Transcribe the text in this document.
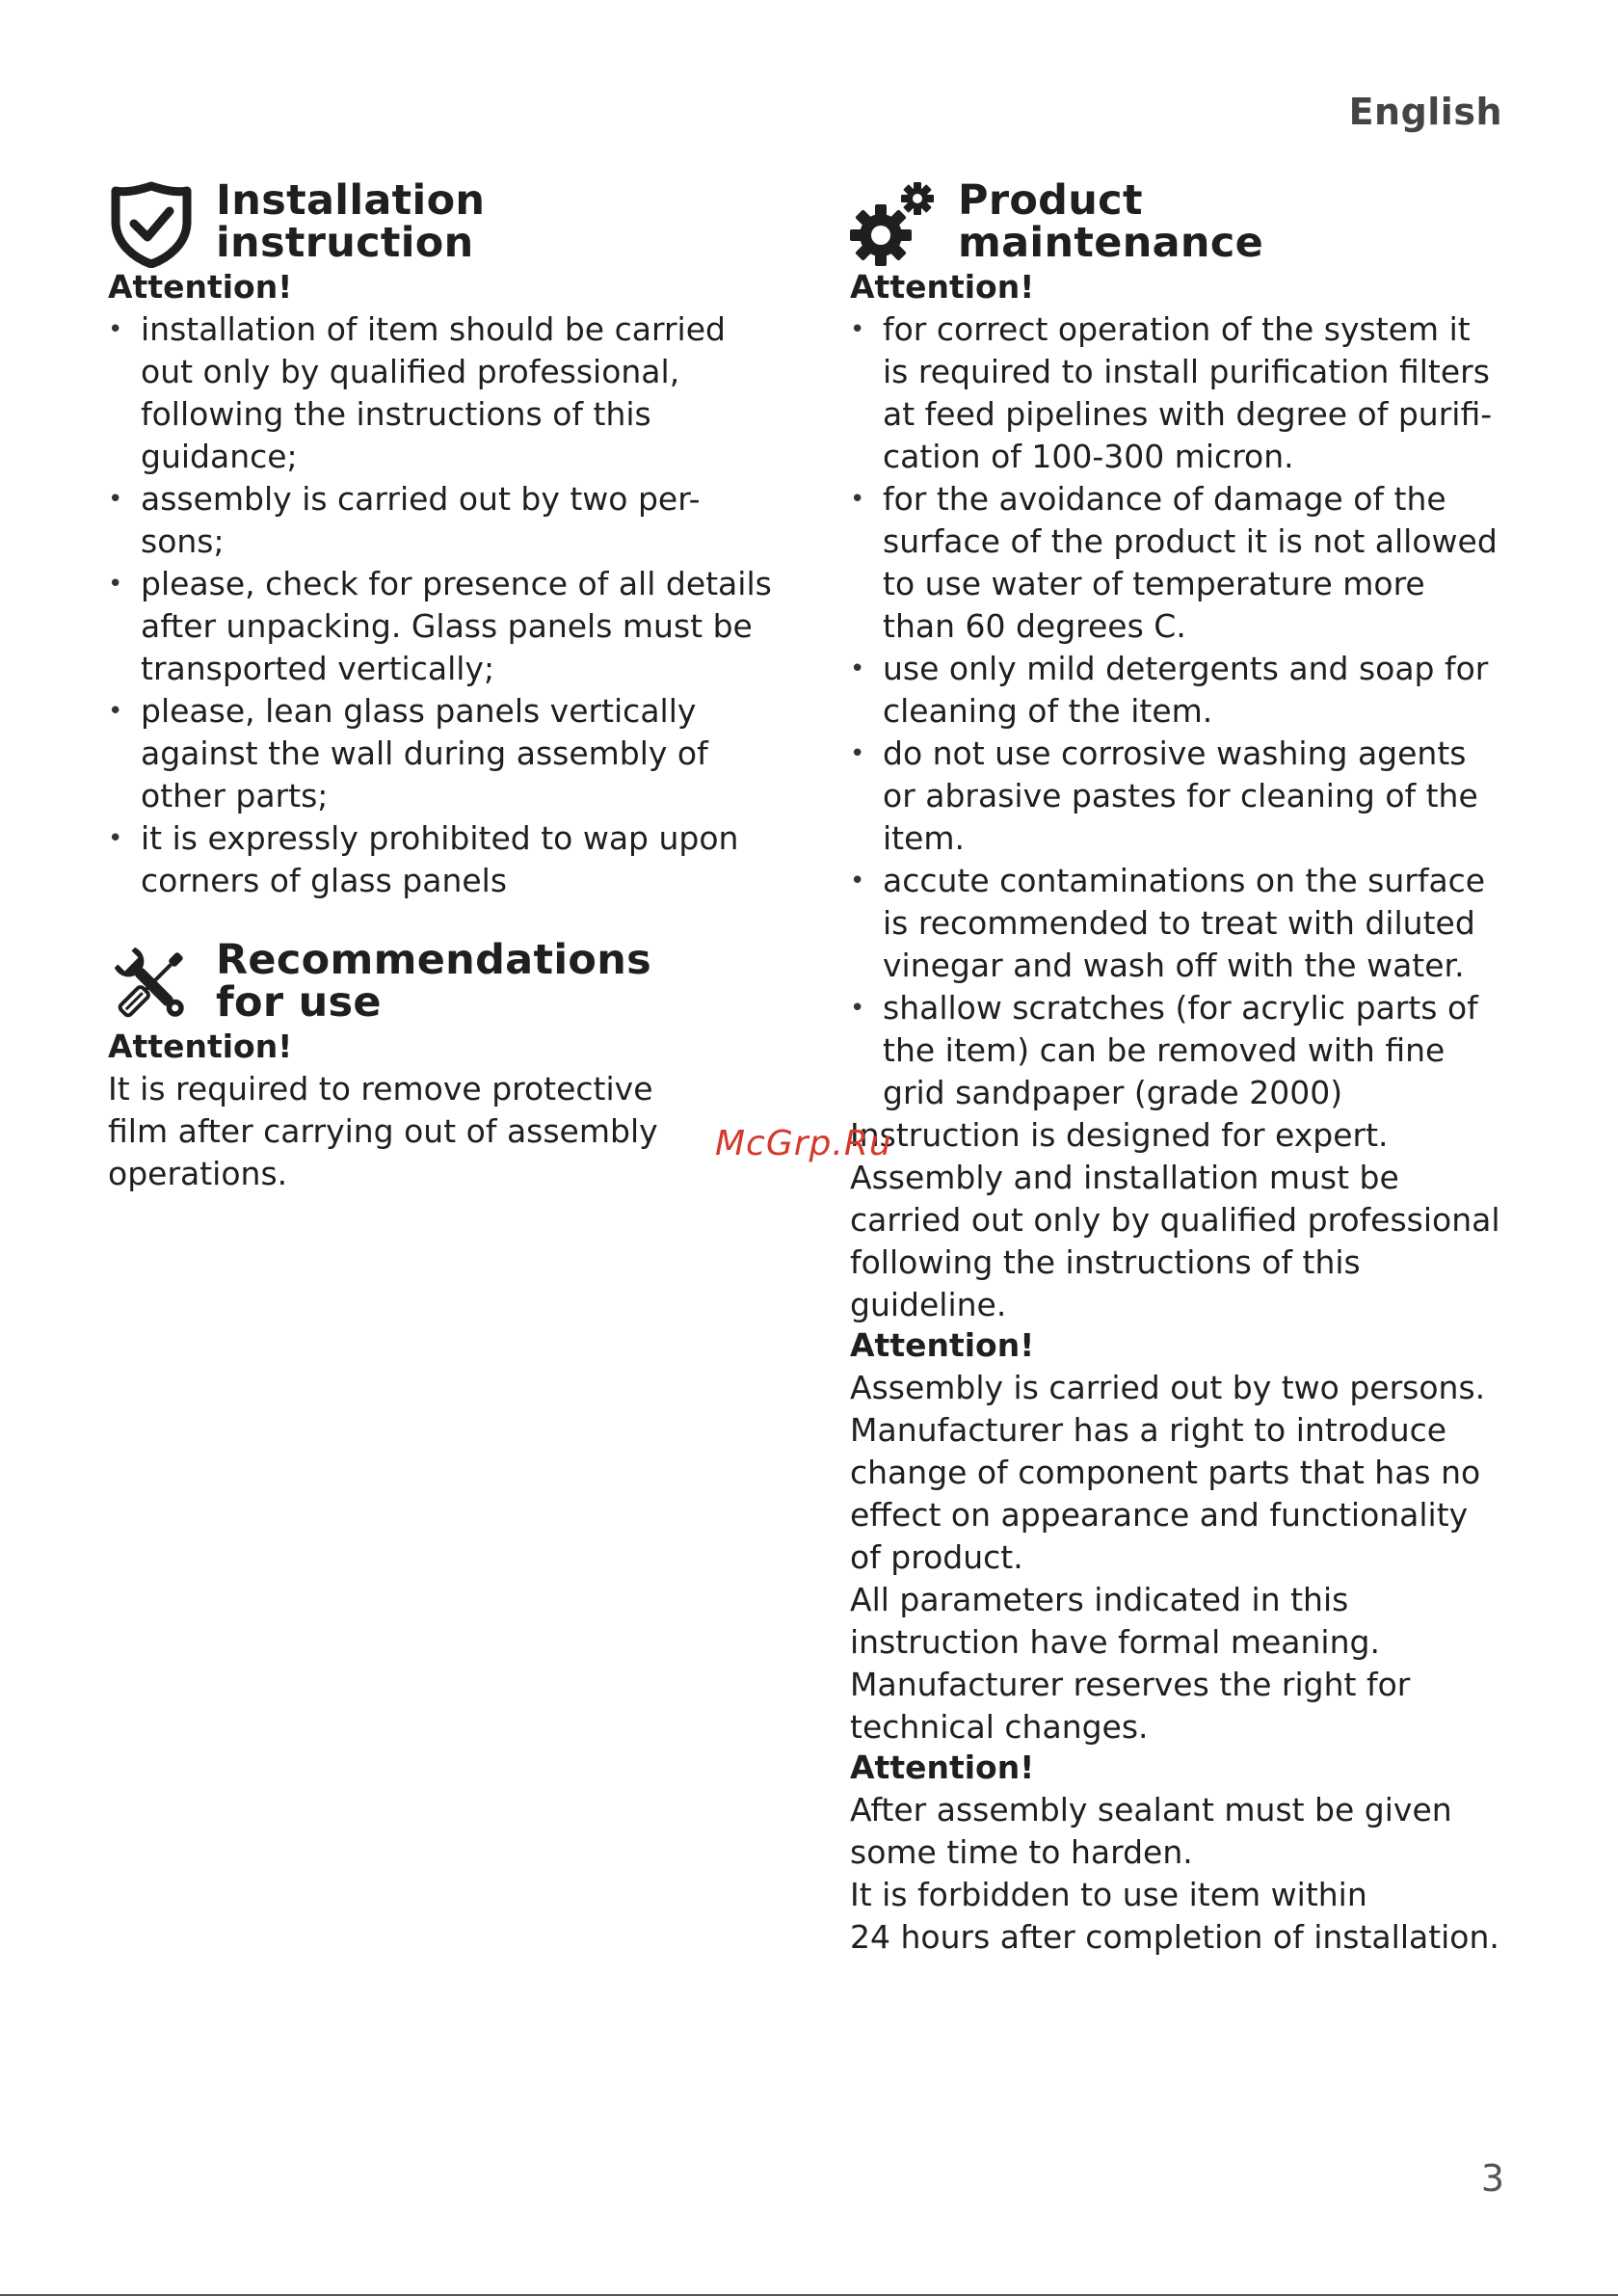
English
Installation
instruction
Attention!
• installation of item should be carried out only by qualified professional, following the instructions of this guidance;
• assembly is carried out by two per-sons;
• please, check for presence of all details after unpacking. Glass panels must be transported vertically;
• please, lean glass panels vertically against the wall during assembly of other parts;
• it is expressly prohibited to wap upon corners of glass panels
Recommendations
for use
Attention!

It is required to remove protective film after carrying out of assembly operations.

Product
maintenance
Attention!
• for correct operation of the system it is required to install purification filters at feed pipelines with degree of purifi-cation of 100-300 micron.
• for the avoidance of damage of the surface of the product it is not allowed to use water of temperature more than 60 degrees C.
• use only mild detergents and soap for cleaning of the item.
• do not use corrosive washing agents or abrasive pastes for cleaning of the item.
• accute contaminations on the surface is recommended to treat with diluted vinegar and wash off with the water.
• shallow scratches (for acrylic parts of the item) can be removed with fine grid sandpaper (grade 2000)

Instruction is designed for expert. Assembly and installation must be carried out only by qualified professional following the instructions of this guideline.

Attention!

Assembly is carried out by two persons.

Manufacturer has a right to introduce change of component parts that has no effect on appearance and functionality of product.

All parameters indicated in this instruction have formal meaning.

Manufacturer reserves the right for technical changes.

Attention!

After assembly sealant must be given some time to harden.

It is forbidden to use item within

24 hours after completion of installation.

McGrp.Ru
3
